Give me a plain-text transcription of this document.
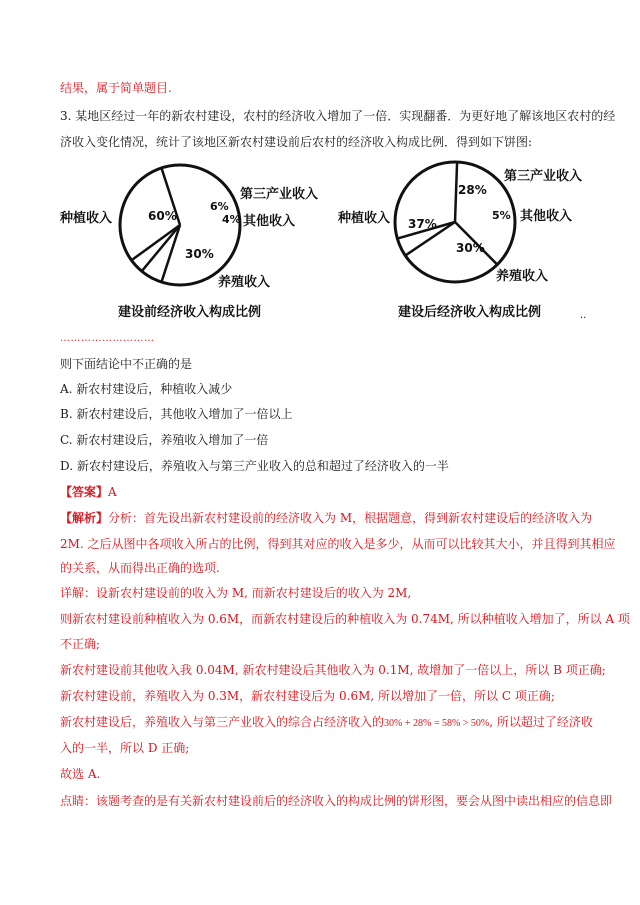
结果，属于简单题目.
3. 某地区经过一年的新农村建设，农村的经济收入增加了一倍．实现翻番．为更好地了解该地区农村的经
济收入变化情况，统计了该地区新农村建设前后农村的经济收入构成比例．得到如下饼图:
60%
6%
4%
30%
种植收入
第三产业收入
其他收入
养殖收入
建设前经济收入构成比例
37%
28%
5%
30%
种植收入
第三产业收入
其他收入
养殖收入
建设后经济收入构成比例	..
………………………
则下面结论中不正确的是
A. 新农村建设后，种植收入减少
B. 新农村建设后，其他收入增加了一倍以上
C. 新农村建设后，养殖收入增加了一倍
D. 新农村建设后，养殖收入与第三产业收入的总和超过了经济收入的一半
【答案】A
【解析】分析：首先设出新农村建设前的经济收入为 M，根据题意，得到新农村建设后的经济收入为
2M. 之后从图中各项收入所占的比例，得到其对应的收入是多少，从而可以比较其大小，并且得到其相应
的关系，从而得出正确的选项.
详解：设新农村建设前的收入为 M, 而新农村建设后的收入为 2M,
则新农村建设前种植收入为 0.6M，而新农村建设后的种植收入为 0.74M, 所以种植收入增加了，所以 A 项
不正确;
新农村建设前其他收入我 0.04M, 新农村建设后其他收入为 0.1M, 故增加了一倍以上，所以 B 项正确;
新农村建设前，养殖收入为 0.3M，新农村建设后为 0.6M, 所以增加了一倍，所以 C 项正确;
新农村建设后，养殖收入与第三产业收入的综合占经济收入的30% + 28% = 58% > 50%, 所以超过了经济收
入的一半，所以 D 正确;
故选 A.
点睛：该题考查的是有关新农村建设前后的经济收入的构成比例的饼形图，要会从图中读出相应的信息即
